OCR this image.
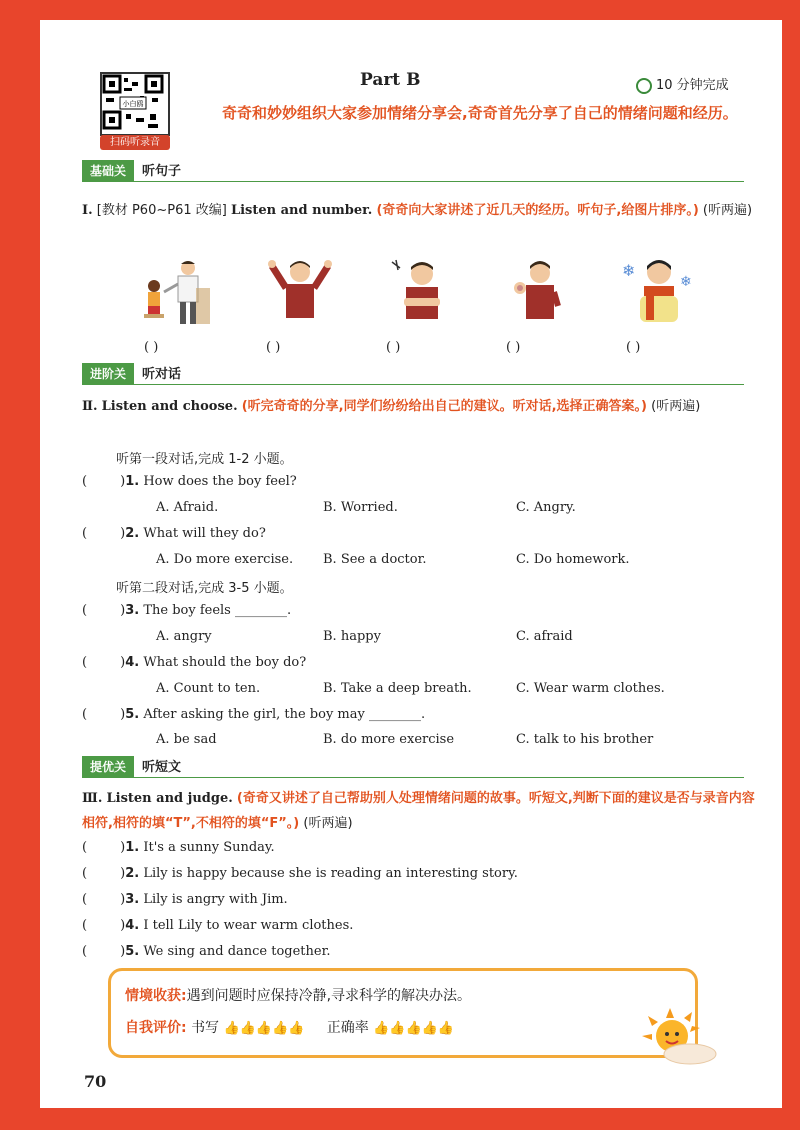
小白鸥
扫码听录音
Part B	10 分钟完成
奇奇和妙妙组织大家参加情绪分享会,奇奇首先分享了自己的情绪问题和经历。
基础关 听句子
Ⅰ. [教材 P60~P61 改编] Listen and number. (奇奇向大家讲述了近几天的经历。听句子,给图片排序。) (听两遍)
❄
❄
( )	( )	( )	( )	( )
进阶关 听对话
Ⅱ. Listen and choose. (听完奇奇的分享,同学们纷纷给出自己的建议。听对话,选择正确答案。) (听两遍)
听第一段对话,完成 1-2 小题。
(        )1. How does the boy feel?
A. Afraid.	B. Worried.	C. Angry.
(        )2. What will they do?
A. Do more exercise. B. See a doctor.	C. Do homework.
听第二段对话,完成 3-5 小题。
(        )3. The boy feels ________.
A. angry	B. happy	C. afraid
(        )4. What should the boy do?
A. Count to ten.	B. Take a deep breath.	C. Wear warm clothes.
(        )5. After asking the girl, the boy may ________.
A. be sad	B. do more exercise	C. talk to his brother
提优关 听短文
Ⅲ. Listen and judge. (奇奇又讲述了自己帮助别人处理情绪问题的故事。听短文,判断下面的建议是否与录音内容相符,相符的填“T”,不相符的填“F”。) (听两遍)
(        )1. It's a sunny Sunday.
(        )2. Lily is happy because she is reading an interesting story.
(        )3. Lily is angry with Jim.
(        )4. I tell Lily to wear warm clothes.
(        )5. We sing and dance together.
情境收获:遇到问题时应保持冷静,寻求科学的解决办法。
自我评价: 书写 👍👍👍👍👍 正确率 👍👍👍👍👍
70
